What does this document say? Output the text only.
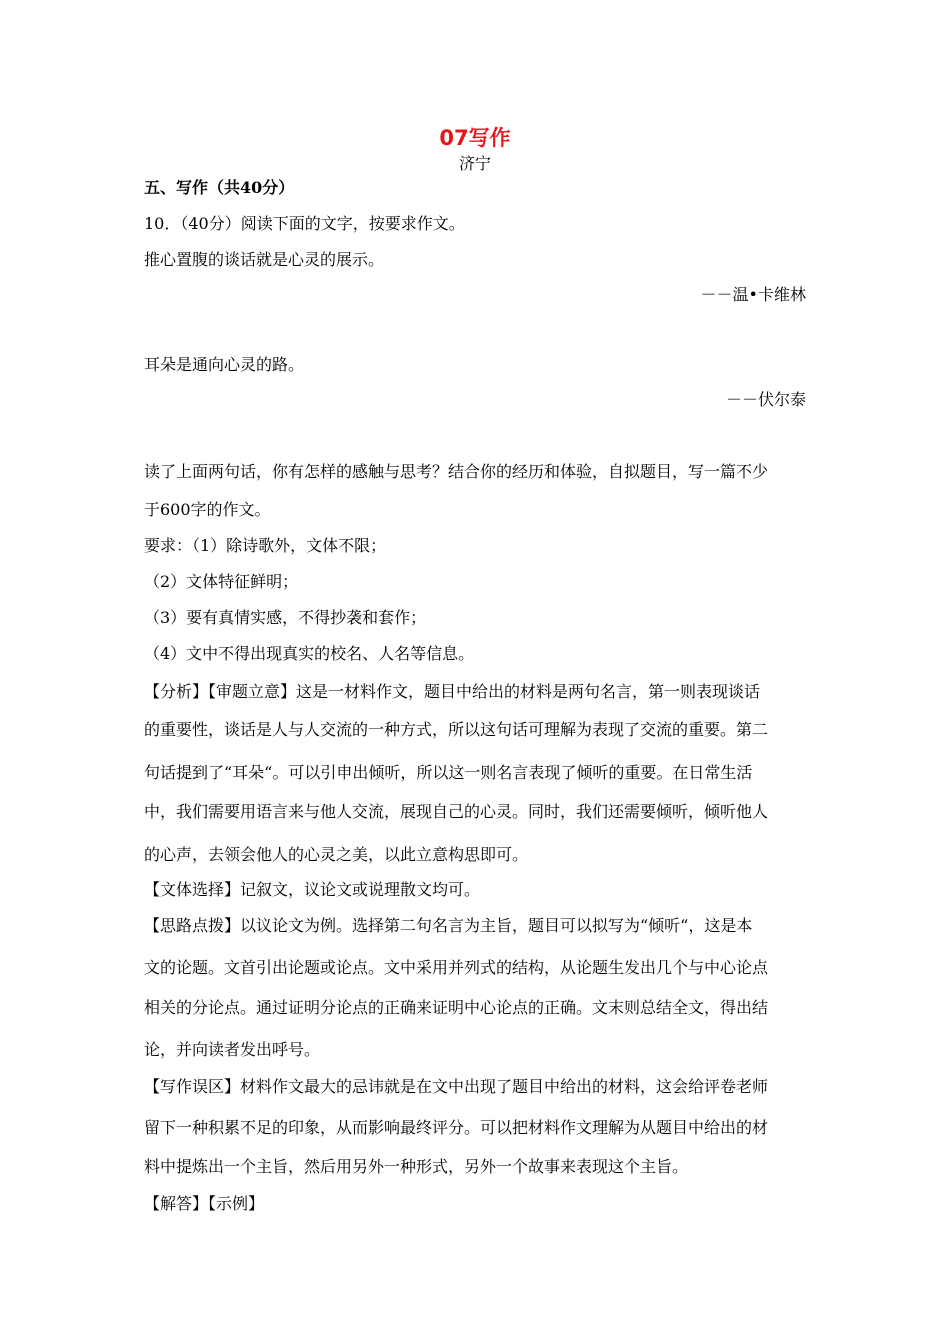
07写作
济宁
五、写作（共40分）
10．（40分）阅读下面的文字，按要求作文。
推心置腹的谈话就是心灵的展示。
－－温•卡维林
耳朵是通向心灵的路。
－－伏尔泰
读了上面两句话，你有怎样的感触与思考？结合你的经历和体验，自拟题目，写一篇不少
于600字的作文。
要求：（1）除诗歌外，文体不限；
（2）文体特征鲜明；
（3）要有真情实感，不得抄袭和套作；
（4）文中不得出现真实的校名、人名等信息。
【分析】【审题立意】这是一材料作文，题目中给出的材料是两句名言，第一则表现谈话
的重要性，谈话是人与人交流的一种方式，所以这句话可理解为表现了交流的重要。第二
句话提到了“耳朵“。可以引申出倾听，所以这一则名言表现了倾听的重要。在日常生活
中，我们需要用语言来与他人交流，展现自己的心灵。同时，我们还需要倾听，倾听他人
的心声，去领会他人的心灵之美，以此立意构思即可。
【文体选择】记叙文，议论文或说理散文均可。
【思路点拨】以议论文为例。选择第二句名言为主旨，题目可以拟写为“倾听“，这是本
文的论题。文首引出论题或论点。文中采用并列式的结构，从论题生发出几个与中心论点
相关的分论点。通过证明分论点的正确来证明中心论点的正确。文末则总结全文，得出结
论，并向读者发出呼号。
【写作误区】材料作文最大的忌讳就是在文中出现了题目中给出的材料，这会给评卷老师
留下一种积累不足的印象，从而影响最终评分。可以把材料作文理解为从题目中给出的材
料中提炼出一个主旨，然后用另外一种形式，另外一个故事来表现这个主旨。
【解答】【示例】
